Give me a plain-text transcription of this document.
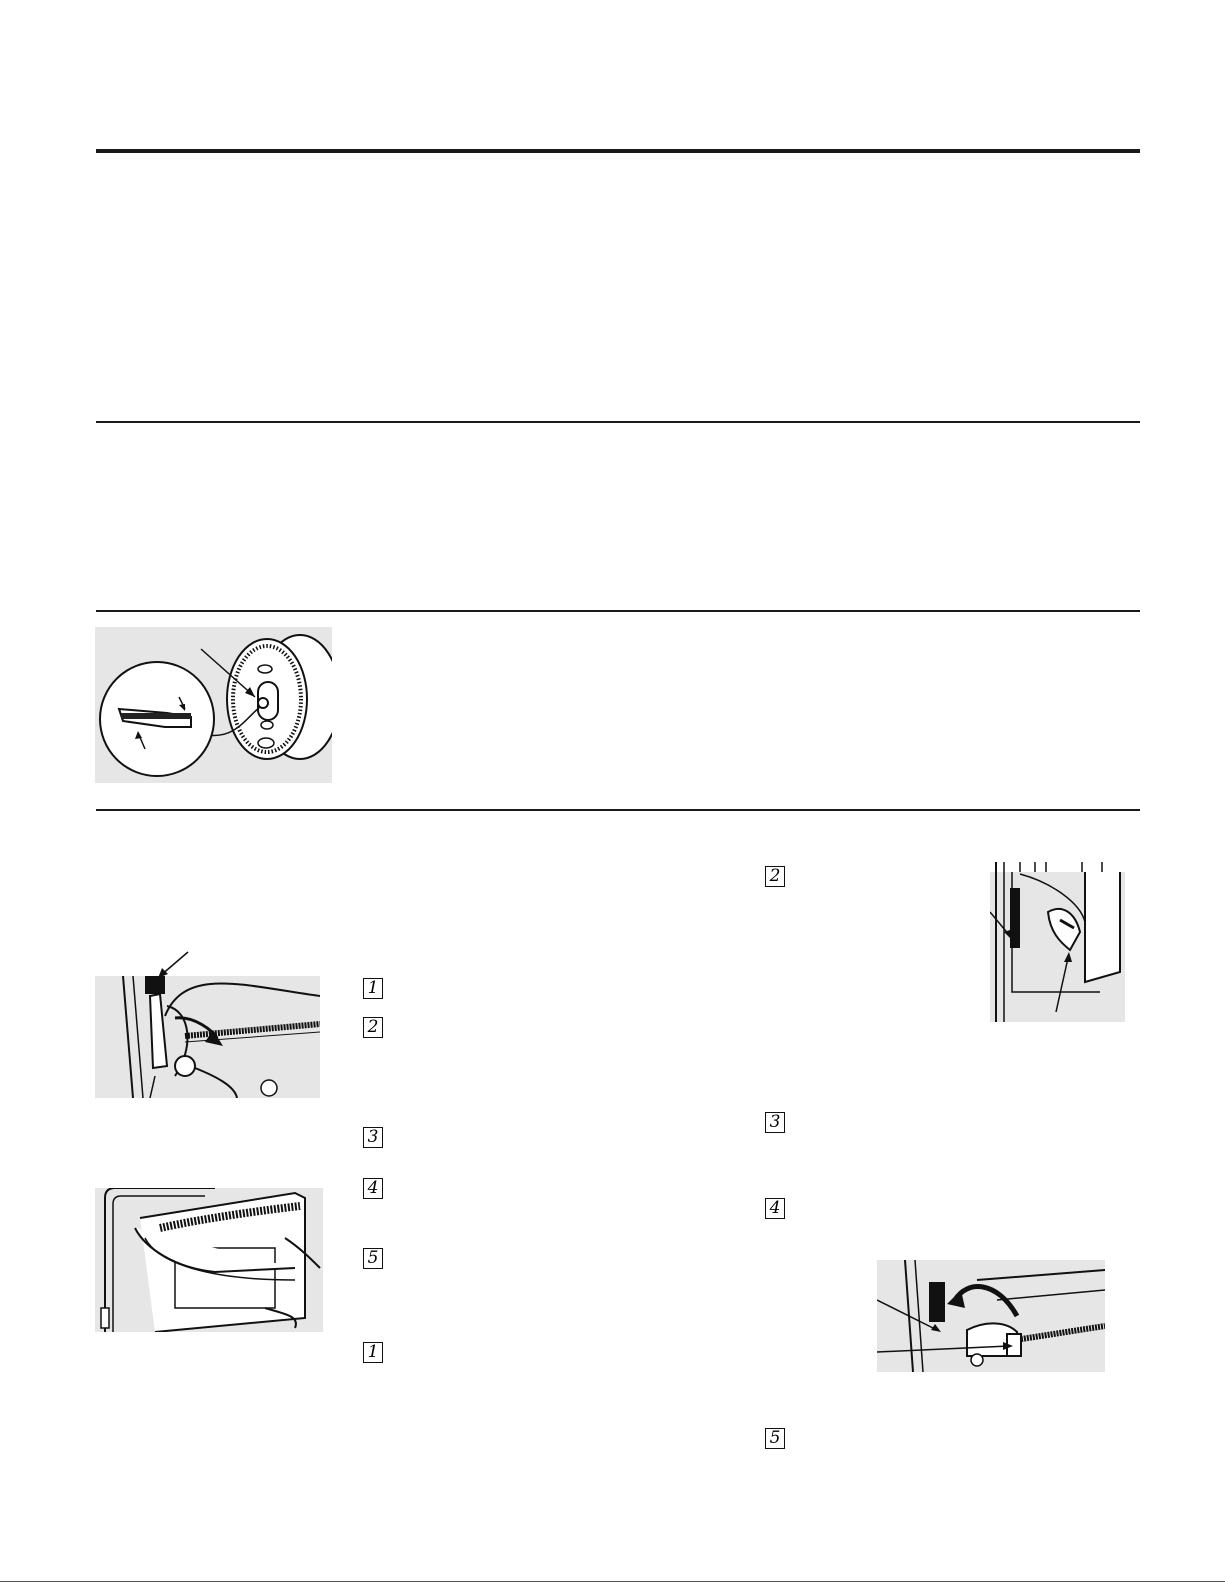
1
2
3
4
5
1
2
3
4
5
